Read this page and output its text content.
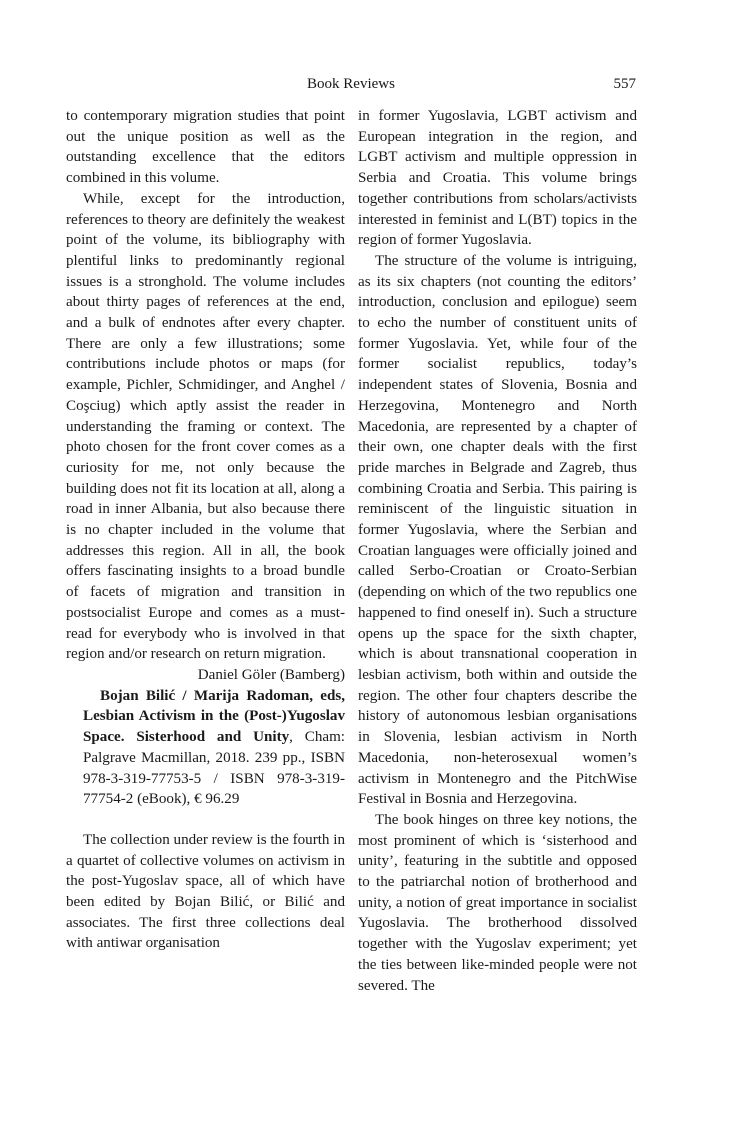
Book Reviews	557

to contemporary migration studies that point out the unique position as well as the outstanding excellence that the editors combined in this volume.

While, except for the introduction, references to theory are definitely the weakest point of the volume, its bibliography with plentiful links to predominantly regional issues is a stronghold. The volume includes about thirty pages of references at the end, and a bulk of endnotes after every chapter. There are only a few illustrations; some contributions include photos or maps (for example, Pichler, Schmidinger, and Anghel / Coşciug) which aptly assist the reader in understanding the framing or context. The photo chosen for the front cover comes as a curiosity for me, not only because the building does not fit its location at all, along a road in inner Albania, but also because there is no chapter included in the volume that addresses this region. All in all, the book offers fascinating insights to a broad bundle of facets of migration and transition in postsocialist Europe and comes as a must-read for everybody who is involved in that region and/or research on return migration.

Daniel Göler (Bamberg)

Bojan Bilić / Marija Radoman, eds, Lesbian Activism in the (Post-)Yugoslav Space. Sisterhood and Unity, Cham: Palgrave Macmillan, 2018. 239 pp., ISBN 978-3-319-77753-5 / ISBN 978-3-319-77754-2 (eBook), € 96.29

The collection under review is the fourth in a quartet of collective volumes on activism in the post-Yugoslav space, all of which have been edited by Bojan Bilić, or Bilić and associates. The first three collections deal with antiwar organisation

in former Yugoslavia, LGBT activism and European integration in the region, and LGBT activism and multiple oppression in Serbia and Croatia. This volume brings together contributions from scholars/activists interested in feminist and L(BT) topics in the region of former Yugoslavia.

The structure of the volume is intriguing, as its six chapters (not counting the editors’ introduction, conclusion and epilogue) seem to echo the number of constituent units of former Yugoslavia. Yet, while four of the former socialist republics, today’s independent states of Slovenia, Bosnia and Herzegovina, Montenegro and North Macedonia, are represented by a chapter of their own, one chapter deals with the first pride marches in Belgrade and Zagreb, thus combining Croatia and Serbia. This pairing is reminiscent of the linguistic situation in former Yugoslavia, where the Serbian and Croatian languages were officially joined and called Serbo-Croatian or Croato-Serbian (depending on which of the two republics one happened to find oneself in). Such a structure opens up the space for the sixth chapter, which is about transnational cooperation in lesbian activism, both within and outside the region. The other four chapters describe the history of autonomous lesbian organisations in Slovenia, lesbian activism in North Macedonia, non-heterosexual women’s activism in Montenegro and the PitchWise Festival in Bosnia and Herzegovina.

The book hinges on three key notions, the most prominent of which is ‘sisterhood and unity’, featuring in the subtitle and opposed to the patriarchal notion of brotherhood and unity, a notion of great importance in socialist Yugoslavia. The brotherhood dissolved together with the Yugoslav experiment; yet the ties between like-minded people were not severed. The
